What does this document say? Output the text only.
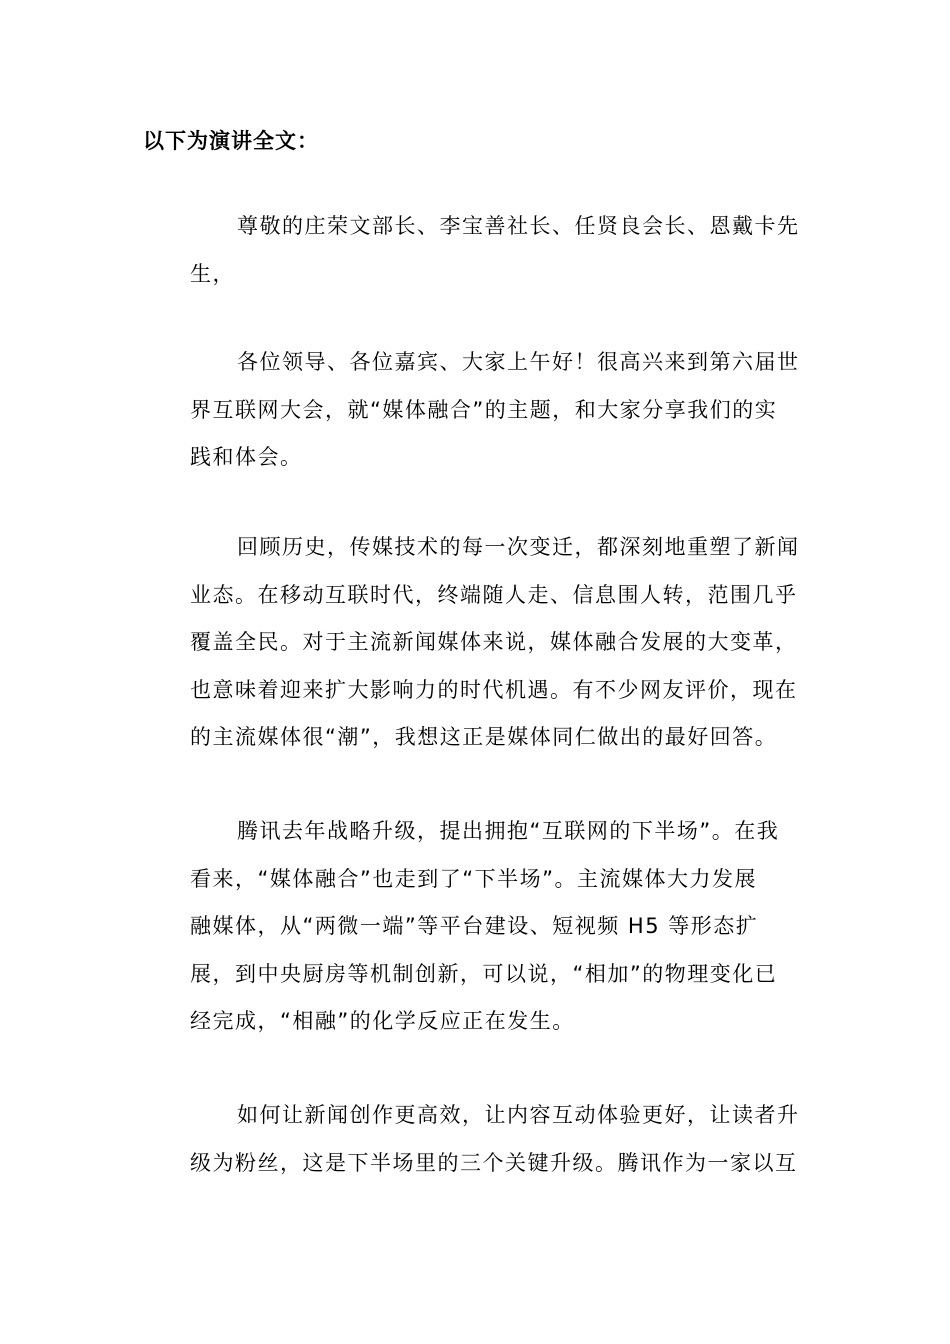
以下为演讲全文：
尊敬的庄荣文部长、李宝善社长、任贤良会长、恩戴卡先
生，
各位领导、各位嘉宾、大家上午好！很高兴来到第六届世
界互联网大会，就“媒体融合”的主题，和大家分享我们的实
践和体会。
回顾历史，传媒技术的每一次变迁，都深刻地重塑了新闻
业态。在移动互联时代，终端随人走、信息围人转，范围几乎
覆盖全民。对于主流新闻媒体来说，媒体融合发展的大变革，
也意味着迎来扩大影响力的时代机遇。有不少网友评价，现在
的主流媒体很“潮”，我想这正是媒体同仁做出的最好回答。
腾讯去年战略升级，提出拥抱“互联网的下半场”。在我
看来，“媒体融合”也走到了“下半场”。主流媒体大力发展
融媒体，从“两微一端”等平台建设、短视频 H5 等形态扩
展，到中央厨房等机制创新，可以说，“相加”的物理变化已
经完成，“相融”的化学反应正在发生。
如何让新闻创作更高效，让内容互动体验更好，让读者升
级为粉丝，这是下半场里的三个关键升级。腾讯作为一家以互
